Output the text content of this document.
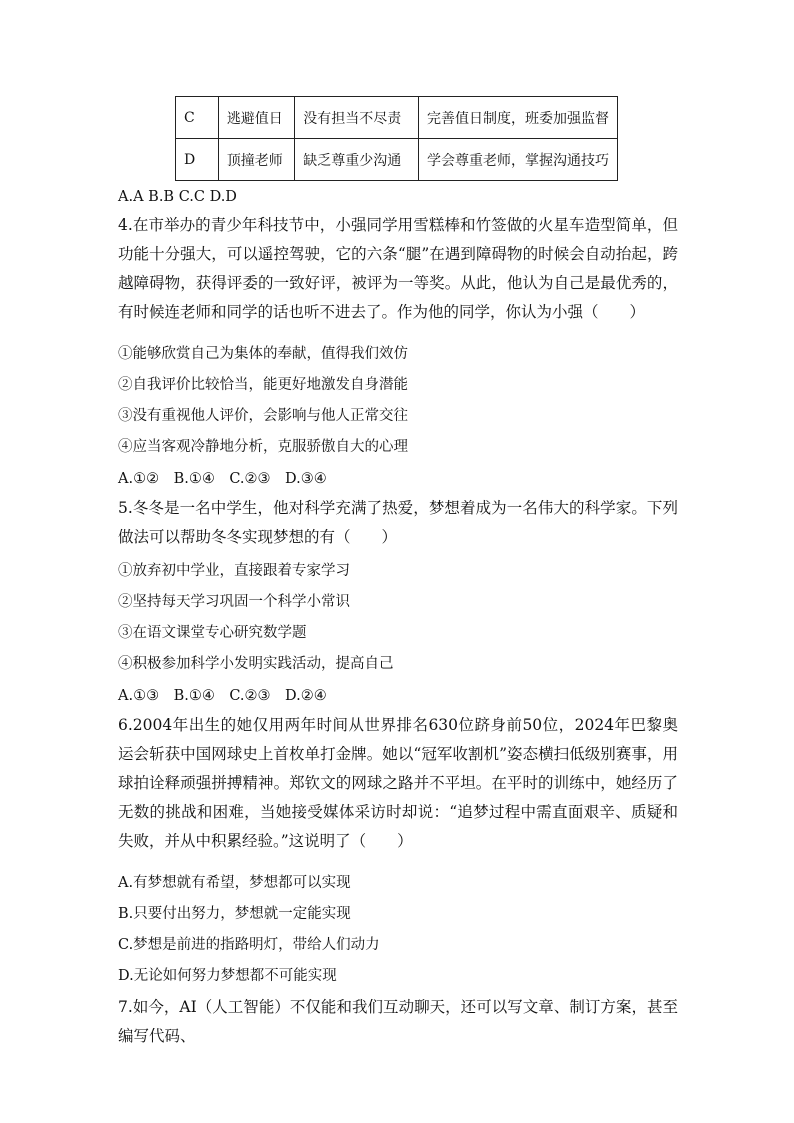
C	逃避值日	没有担当不尽责	完善值日制度，班委加强监督
D	顶撞老师	缺乏尊重少沟通	学会尊重老师，掌握沟通技巧
A.A B.B C.C D.D
4.在市举办的青少年科技节中，小强同学用雪糕棒和竹签做的火星车造型简单，但功能十分强大，可以遥控驾驶，它的六条“腿”在遇到障碍物的时候会自动抬起，跨越障碍物，获得评委的一致好评，被评为一等奖。从此，他认为自己是最优秀的，有时候连老师和同学的话也听不进去了。作为他的同学，你认为小强（　　）
①能够欣赏自己为集体的奉献，值得我们效仿
②自我评价比较恰当，能更好地激发自身潜能
③没有重视他人评价，会影响与他人正常交往
④应当客观冷静地分析，克服骄傲自大的心理
A.①②　B.①④　C.②③　D.③④
5.冬冬是一名中学生，他对科学充满了热爱，梦想着成为一名伟大的科学家。下列做法可以帮助冬冬实现梦想的有（　　）
①放弃初中学业，直接跟着专家学习
②坚持每天学习巩固一个科学小常识
③在语文课堂专心研究数学题
④积极参加科学小发明实践活动，提高自己
A.①③　B.①④　C.②③　D.②④
6.2004年出生的她仅用两年时间从世界排名630位跻身前50位，2024年巴黎奥运会斩获中国网球史上首枚单打金牌。她以“冠军收割机”姿态横扫低级别赛事，用球拍诠释顽强拼搏精神。郑钦文的网球之路并不平坦。在平时的训练中，她经历了无数的挑战和困难，当她接受媒体采访时却说：“追梦过程中需直面艰辛、质疑和失败，并从中积累经验。”这说明了（　　）
A.有梦想就有希望，梦想都可以实现
B.只要付出努力，梦想就一定能实现
C.梦想是前进的指路明灯，带给人们动力
D.无论如何努力梦想都不可能实现
7.如今，AI（人工智能）不仅能和我们互动聊天，还可以写文章、制订方案，甚至编写代码、
